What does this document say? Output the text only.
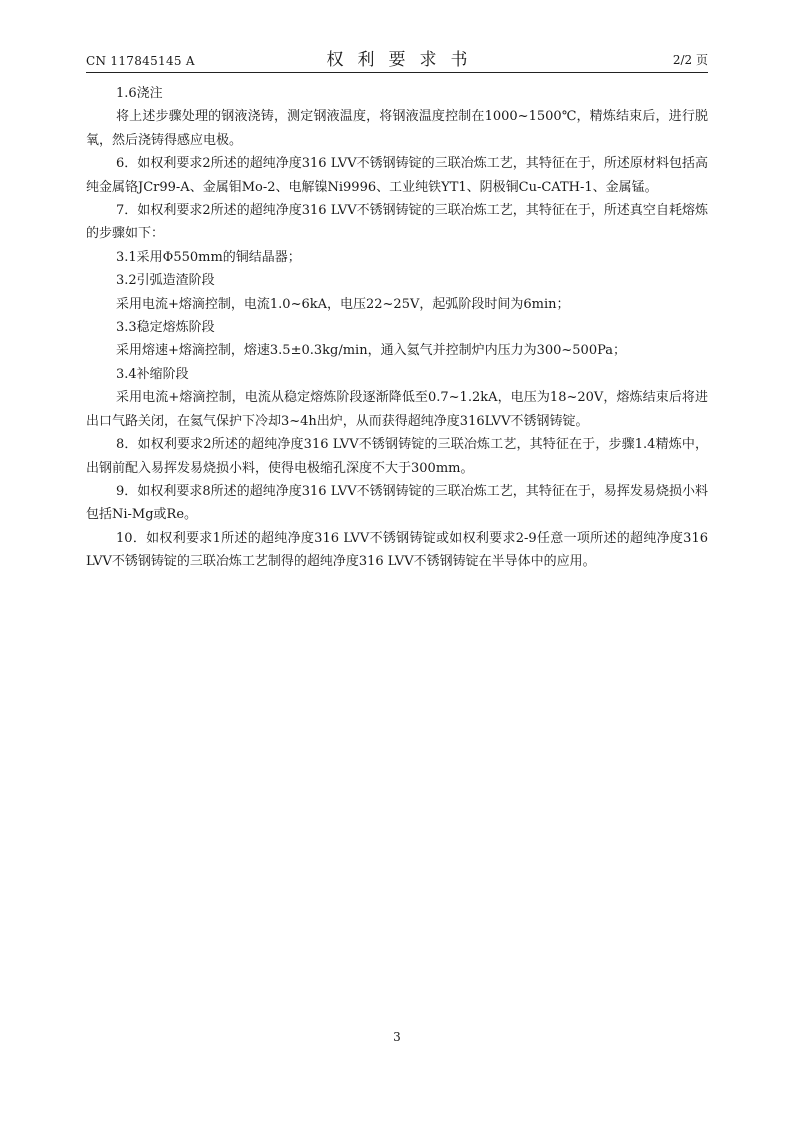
CN 117845145 A	权利要求书	2/2 页

1.6浇注

将上述步骤处理的钢液浇铸，测定钢液温度，将钢液温度控制在1000~1500℃，精炼结束后，进行脱氧，然后浇铸得感应电极。

6．如权利要求2所述的超纯净度316 LVV不锈钢铸锭的三联冶炼工艺，其特征在于，所述原材料包括高纯金属铬JCr99-A、金属钼Mo-2、电解镍Ni9996、工业纯铁YT1、阴极铜Cu-CATH-1、金属锰。

7．如权利要求2所述的超纯净度316 LVV不锈钢铸锭的三联冶炼工艺，其特征在于，所述真空自耗熔炼的步骤如下：

3.1采用Φ550mm的铜结晶器；

3.2引弧造渣阶段

采用电流+熔滴控制，电流1.0~6kA，电压22~25V，起弧阶段时间为6min；

3.3稳定熔炼阶段

采用熔速+熔滴控制，熔速3.5±0.3kg/min，通入氦气并控制炉内压力为300~500Pa；

3.4补缩阶段

采用电流+熔滴控制，电流从稳定熔炼阶段逐渐降低至0.7~1.2kA，电压为18~20V，熔炼结束后将进出口气路关闭，在氦气保护下冷却3~4h出炉，从而获得超纯净度316LVV不锈钢铸锭。

8．如权利要求2所述的超纯净度316 LVV不锈钢铸锭的三联冶炼工艺，其特征在于，步骤1.4精炼中，出钢前配入易挥发易烧损小料，使得电极缩孔深度不大于300mm。

9．如权利要求8所述的超纯净度316 LVV不锈钢铸锭的三联冶炼工艺，其特征在于，易挥发易烧损小料包括Ni-Mg或Re。

10．如权利要求1所述的超纯净度316 LVV不锈钢铸锭或如权利要求2-9任意一项所述的超纯净度316 LVV不锈钢铸锭的三联冶炼工艺制得的超纯净度316 LVV不锈钢铸锭在半导体中的应用。

3
